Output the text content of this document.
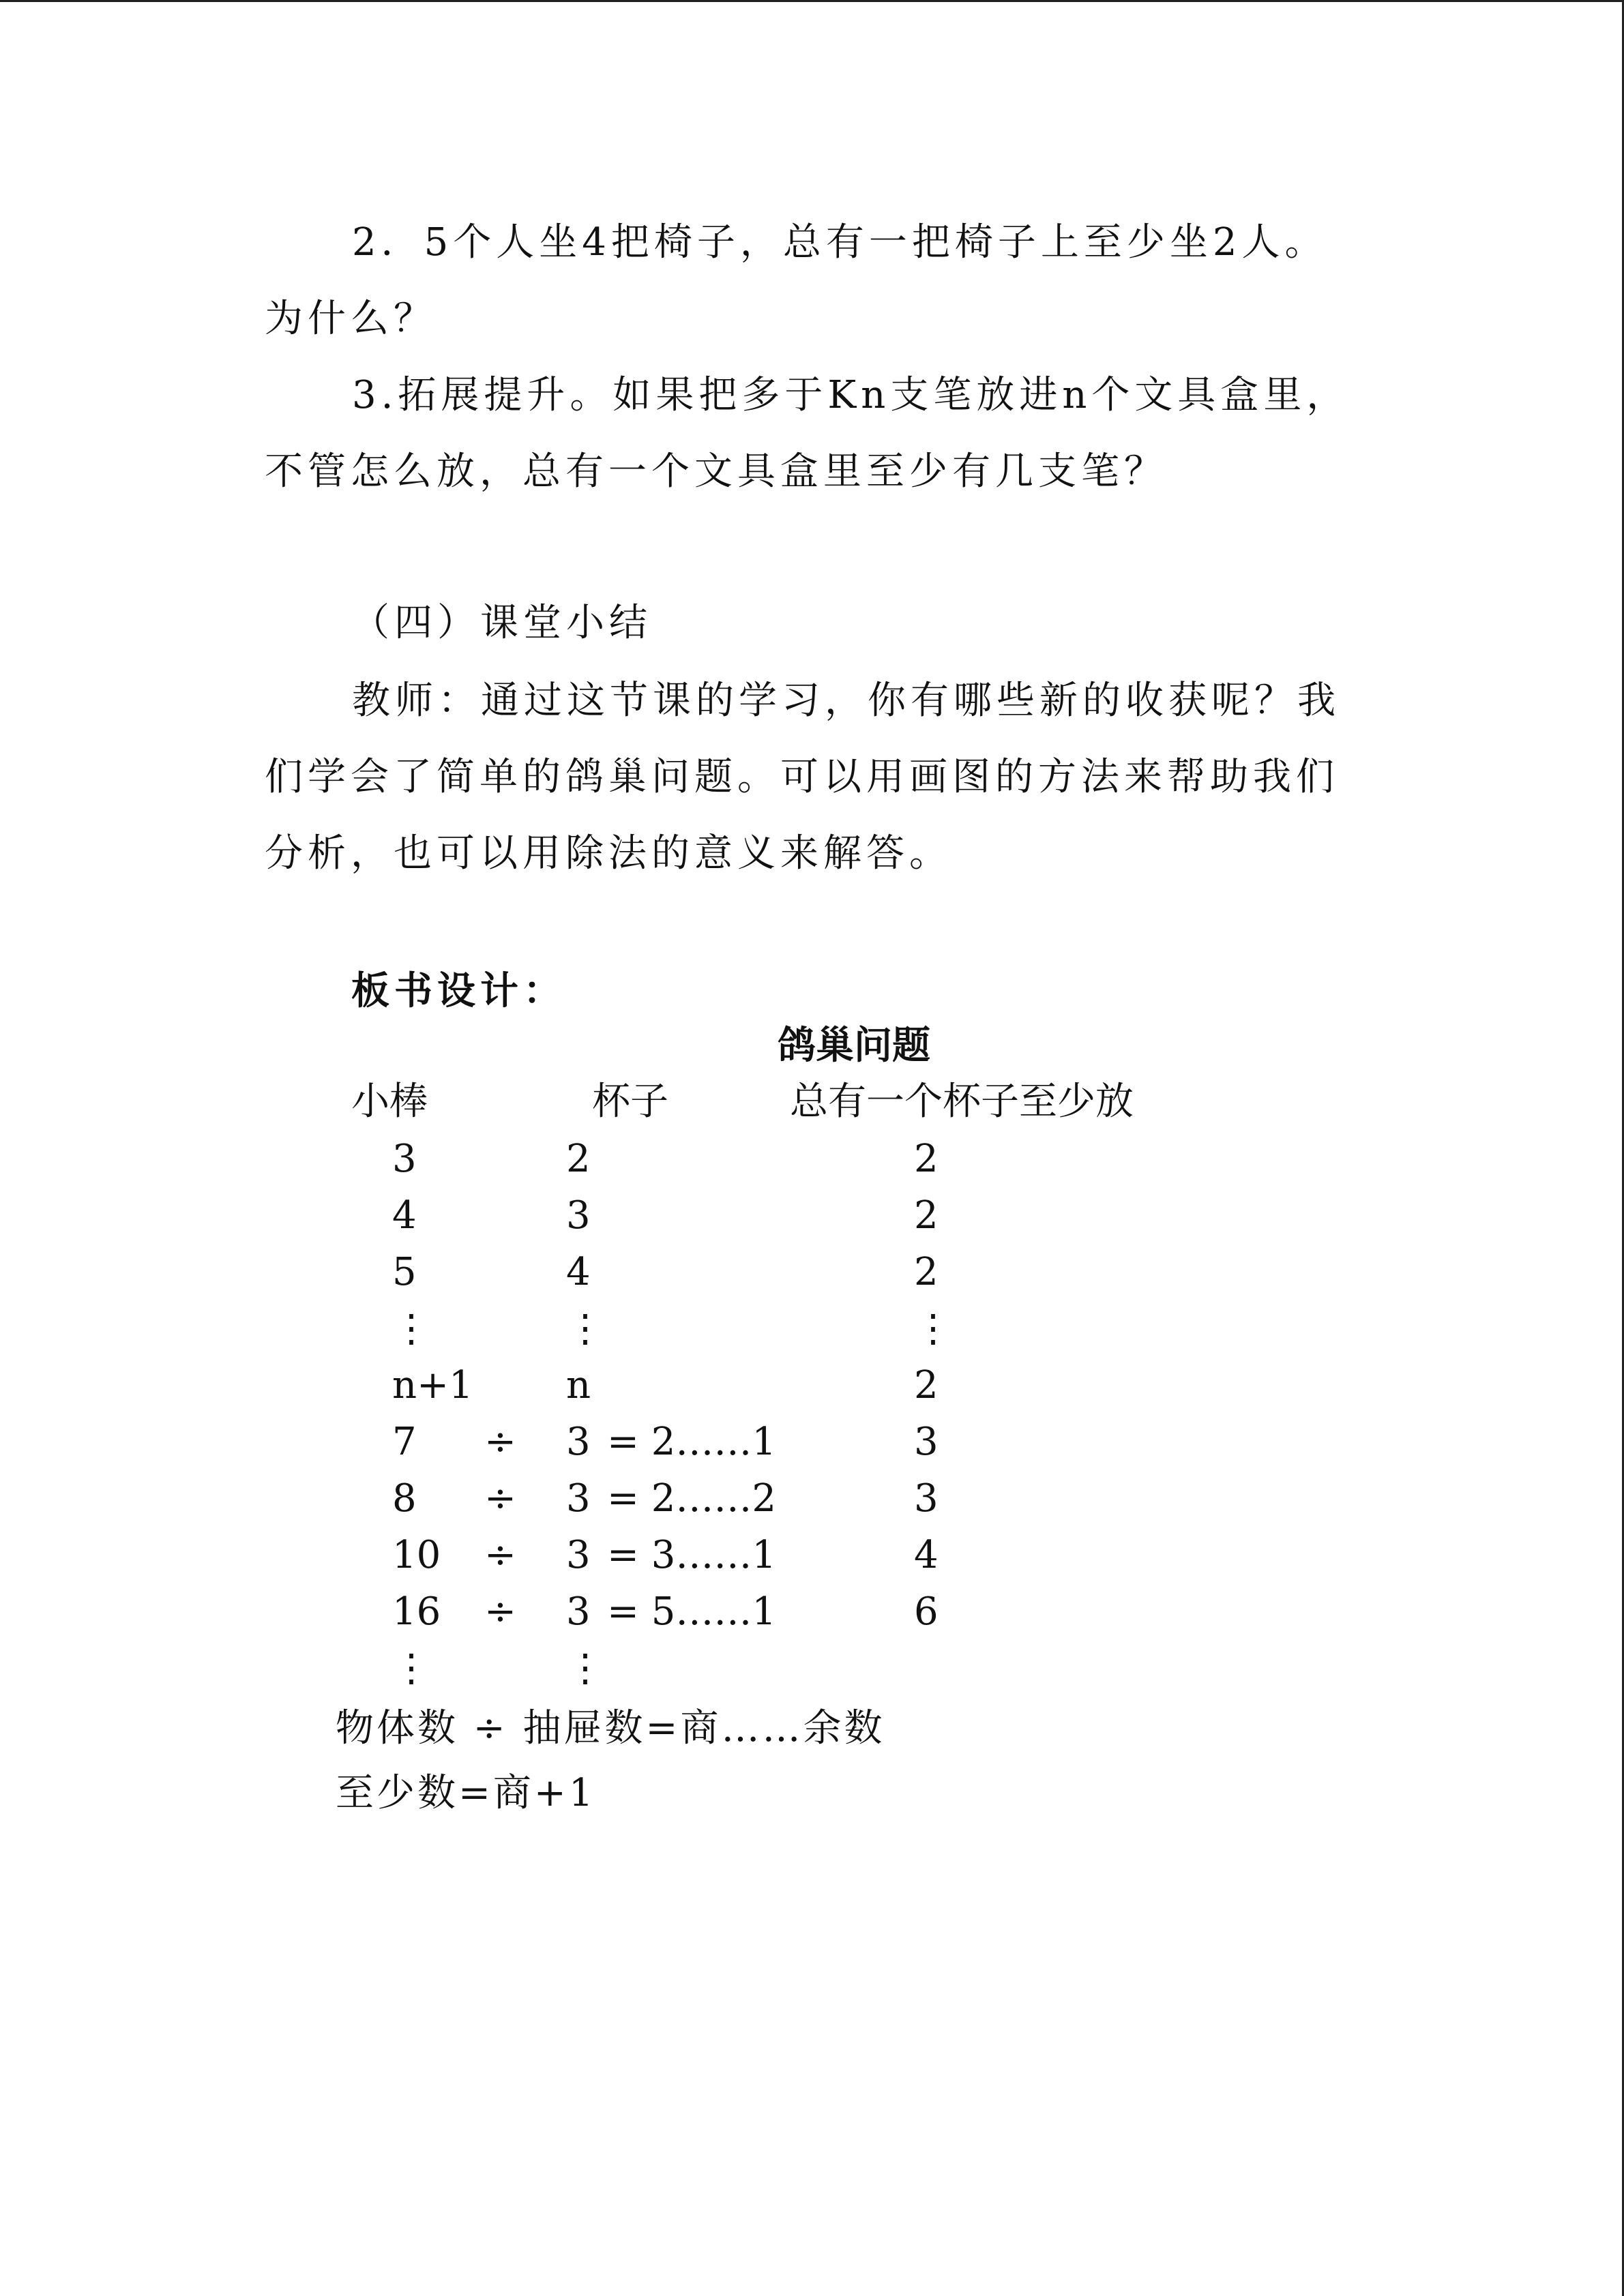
2．5个人坐4把椅子，总有一把椅子上至少坐2人。为什么？

3.拓展提升。如果把多于Kn支笔放进n个文具盒里，不管怎么放，总有一个文具盒里至少有几支笔？

（四）课堂小结

教师：通过这节课的学习，你有哪些新的收获呢？我们学会了简单的鸽巢问题。可以用画图的方法来帮助我们分析，也可以用除法的意义来解答。

板书设计：

鸽巢问题
小棒	杯子	总有一个杯子至少放
3	2	2
4	3	2
5	4	2
⋮	⋮	⋮
n+1 n	2
7 ÷ 3 = 2……1	3
8 ÷ 3 = 2……2	3
10 ÷ 3 = 3……1	4
16 ÷ 3 = 5……1	6
⋮	⋮
物体数 ÷ 抽屉数=商……余数
至少数=商+1
